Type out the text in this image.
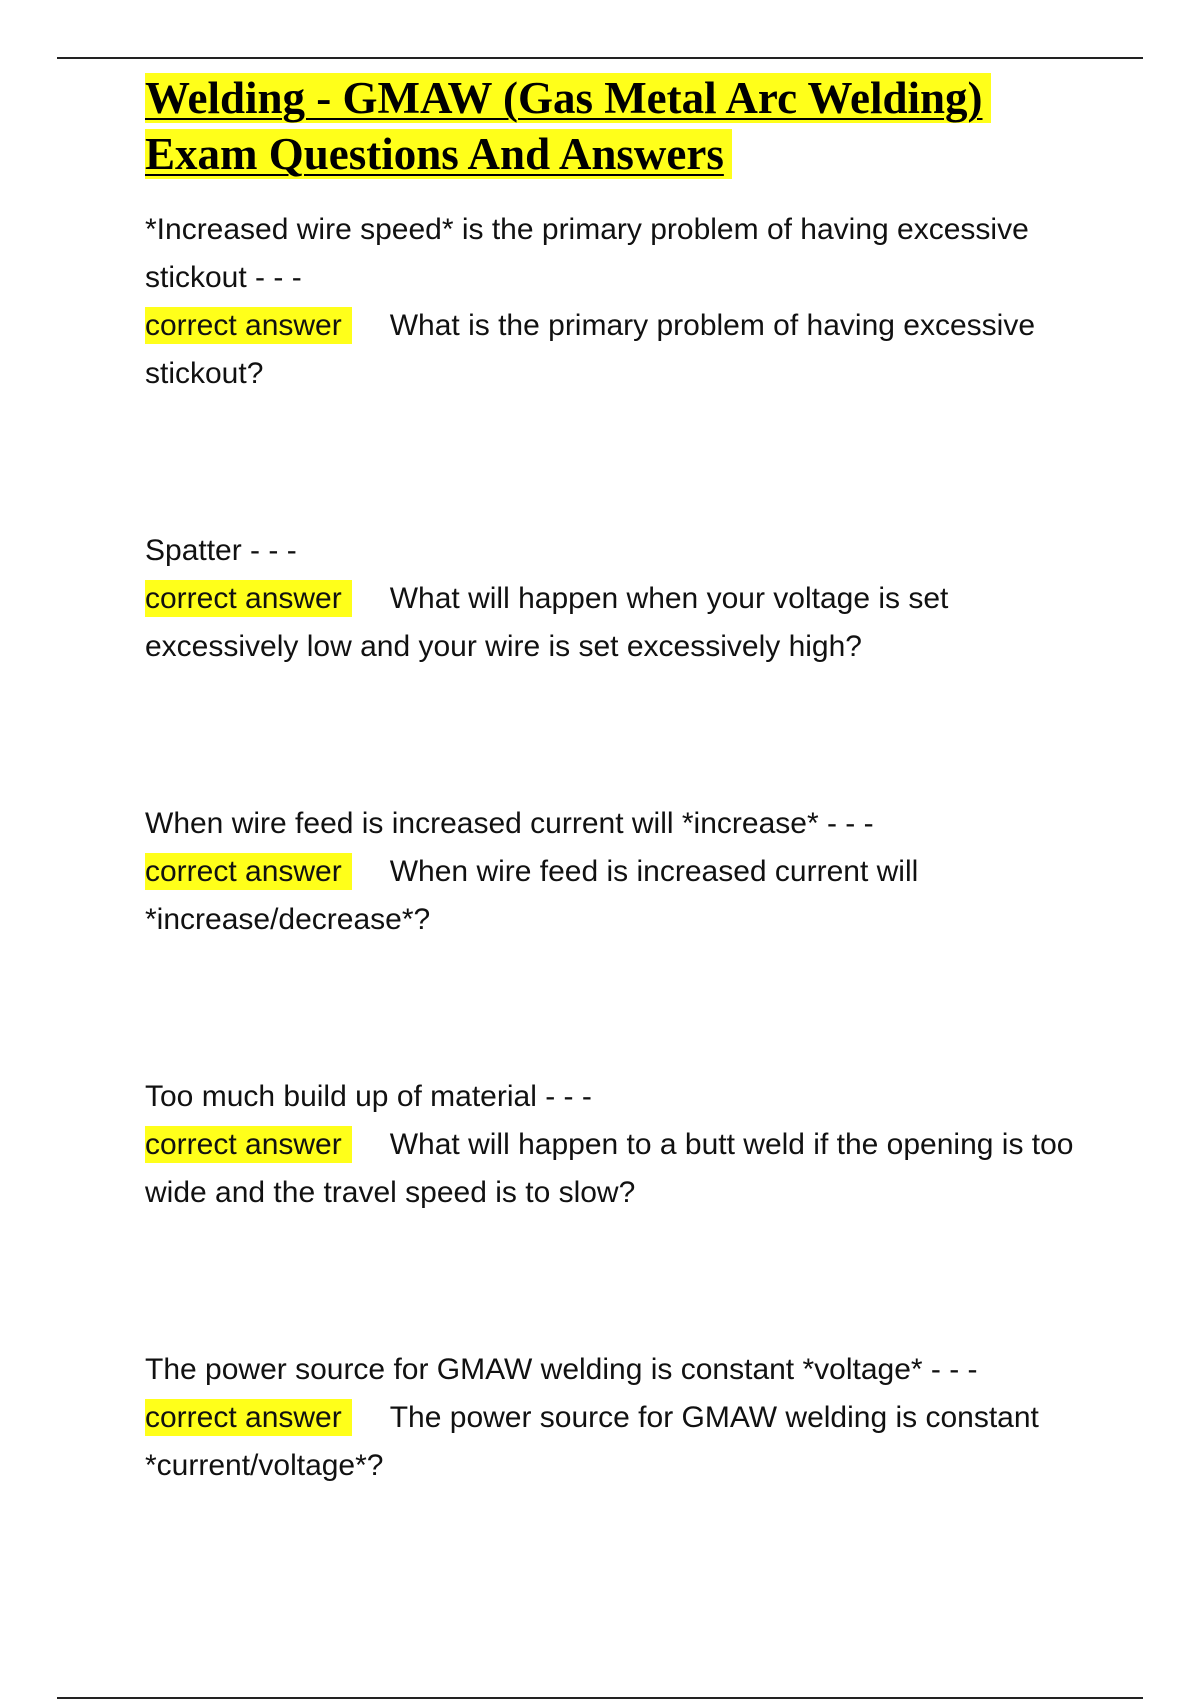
Welding - GMAW (Gas Metal Arc Welding)
Exam Questions And Answers
*Increased wire speed* is the primary problem of having excessive stickout - - -
correct answer What is the primary problem of having excessive stickout?
Spatter - - -
correct answer What will happen when your voltage is set excessively low and your wire is set excessively high?
When wire feed is increased current will *increase* - - -
correct answer When wire feed is increased current will *increase/decrease*?
Too much build up of material - - -
correct answer What will happen to a butt weld if the opening is too wide and the travel speed is to slow?
The power source for GMAW welding is constant *voltage* - - -
correct answer The power source for GMAW welding is constant *current/voltage*?
